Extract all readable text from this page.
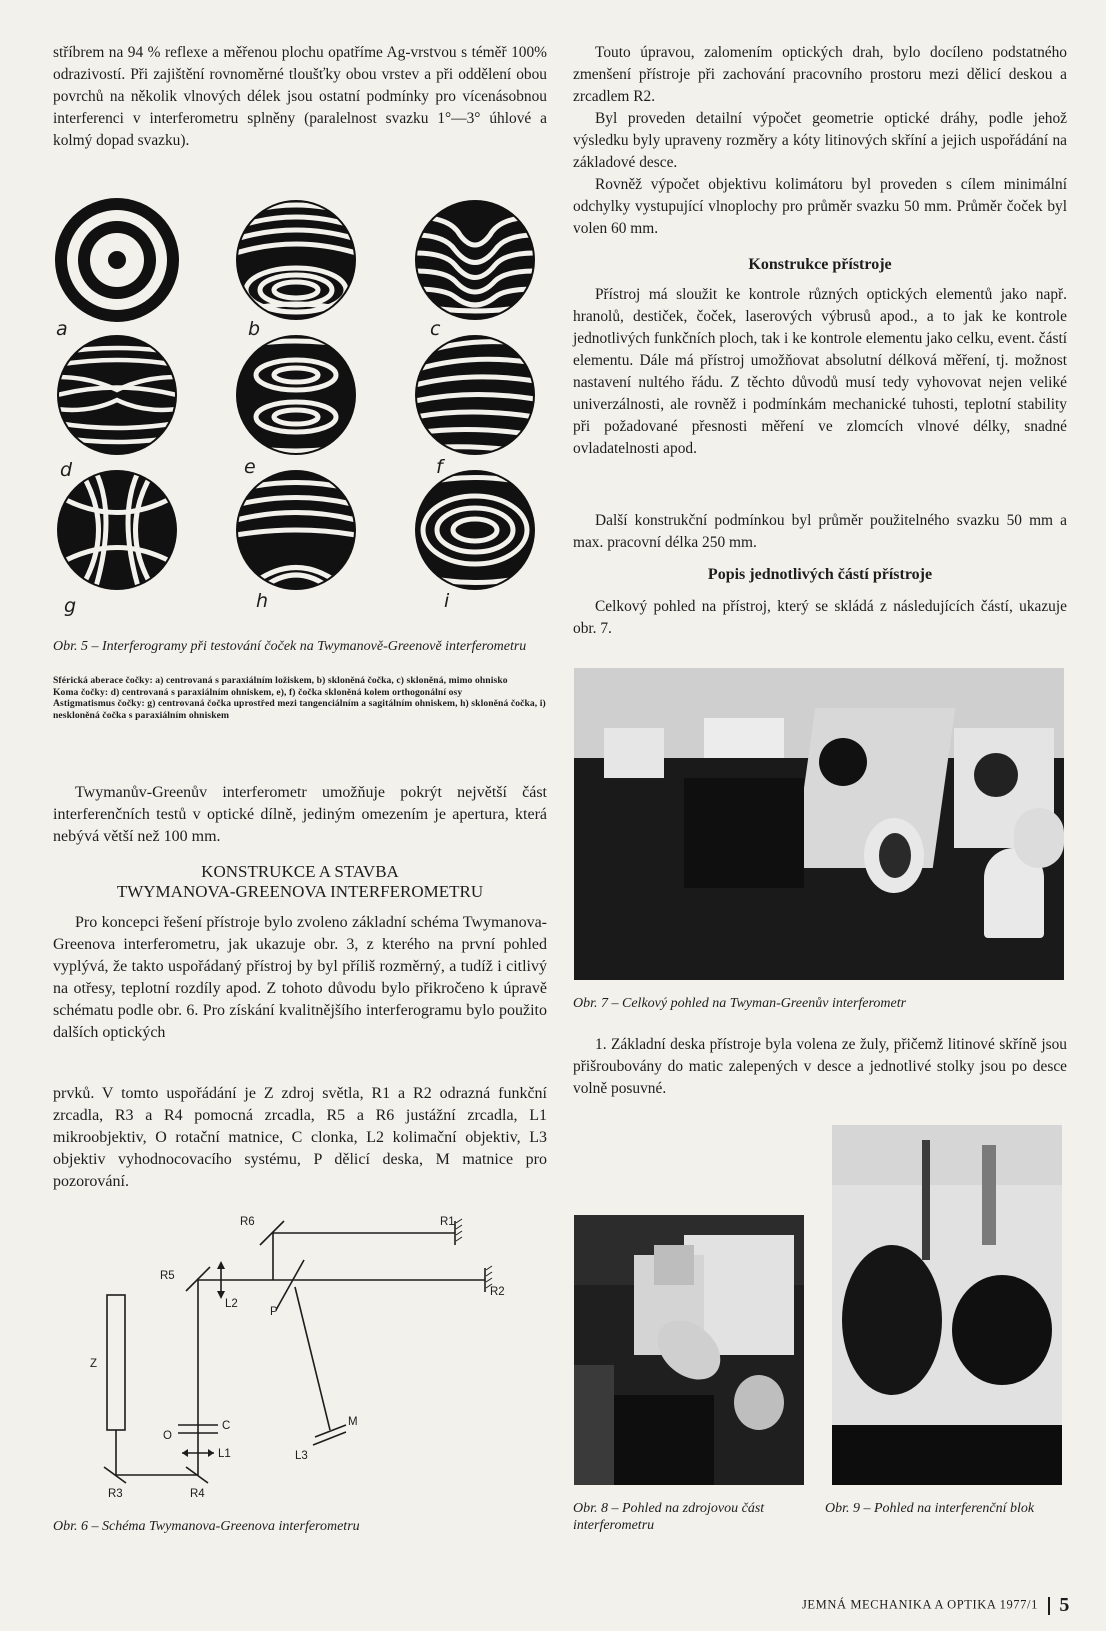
stříbrem na 94 % reflexe a měřenou plochu opatříme Ag-vrstvou s téměř 100% odrazivostí. Při zajištění rovnoměrné tloušťky obou vrstev a při oddělení obou povrchů na několik vlnových délek jsou ostatní podmínky pro vícenásobnou interferenci v interferometru splněny (paralelnost svazku 1°—3° úhlové a kolmý dopad svazku).

a	b	c
d	e	f
g	h	i
Obr. 5 – Interferogramy při testování čoček na Twymanově-Greenově interferometru

Sférická aberace čočky: a) centrovaná s paraxiálním ložiskem, b) skloněná čočka, c) skloněná, mimo ohnisko

Koma čočky: d) centrovaná s paraxiálním ohniskem, e), f) čočka skloněná kolem orthogonální osy

Astigmatismus čočky: g) centrovaná čočka uprostřed mezi tangenciálním a sagitálním ohniskem, h) skloněná čočka, i) neskloněná čočka s paraxiálním ohniskem

Twymanův-Greenův interferometr umožňuje pokrýt největší část interferenčních testů v optické dílně, jediným omezením je apertura, která nebývá větší než 100 mm.

KONSTRUKCE A STAVBA
TWYMANOVA-GREENOVA INTERFEROMETRU

Pro koncepci řešení přístroje bylo zvoleno základní schéma Twymanova-Greenova interferometru, jak ukazuje obr. 3, z kterého na první pohled vyplývá, že takto uspořádaný přístroj by byl příliš rozměrný, a tudíž i citlivý na otřesy, teplotní rozdíly apod. Z tohoto důvodu bylo přikročeno k úpravě schématu podle obr. 6. Pro získání kvalitnějšího interferogramu bylo použito dalších optických

prvků. V tomto uspořádání je Z zdroj světla, R1 a R2 odrazná funkční zrcadla, R3 a R4 pomocná zrcadla, R5 a R6 justážní zrcadla, L1 mikroobjektiv, O rotační matnice, C clonka, L2 kolimační objektiv, L3 objektiv vyhodnocovacího systému, P dělicí deska, M matnice pro pozorování.

R6	R1
R5
R2
L2
P
Z
C
O
L1
M
L3
R3	R4
Obr. 6 – Schéma Twymanova-Greenova interferometru

Touto úpravou, zalomením optických drah, bylo docíleno podstatného zmenšení přístroje při zachování pracovního prostoru mezi dělicí deskou a zrcadlem R2.

Byl proveden detailní výpočet geometrie optické dráhy, podle jehož výsledku byly upraveny rozměry a kóty litinových skříní a jejich uspořádání na základové desce.

Rovněž výpočet objektivu kolimátoru byl proveden s cílem minimální odchylky vystupující vlnoplochy pro průměr svazku 50 mm. Průměr čoček byl volen 60 mm.

Konstrukce přístroje

Přístroj má sloužit ke kontrole různých optických elementů jako např. hranolů, destiček, čoček, laserových výbrusů apod., a to jak ke kontrole jednotlivých funkčních ploch, tak i ke kontrole elementu jako celku, event. částí elementu. Dále má přístroj umožňovat absolutní délková měření, tj. možnost nastavení nultého řádu. Z těchto důvodů musí tedy vyhovovat nejen veliké univerzálnosti, ale rovněž i podmínkám mechanické tuhosti, teplotní stability při požadované přesnosti měření ve zlomcích vlnové délky, snadné ovladatelnosti apod.

Další konstrukční podmínkou byl průměr použitelného svazku 50 mm a max. pracovní délka 250 mm.

Popis jednotlivých částí přístroje

Celkový pohled na přístroj, který se skládá z následujících částí, ukazuje obr. 7.

Obr. 7 – Celkový pohled na Twyman-Greenův interferometr

1. Základní deska přístroje byla volena ze žuly, přičemž litinové skříně jsou přišroubovány do matic zalepených v desce a jednotlivé stolky jsou po desce volně posuvné.

Obr. 8 – Pohled na zdrojovou část interferometru
Obr. 9 – Pohled na interferenční blok
JEMNÁ MECHANIKA A OPTIKA 1977/1 5
